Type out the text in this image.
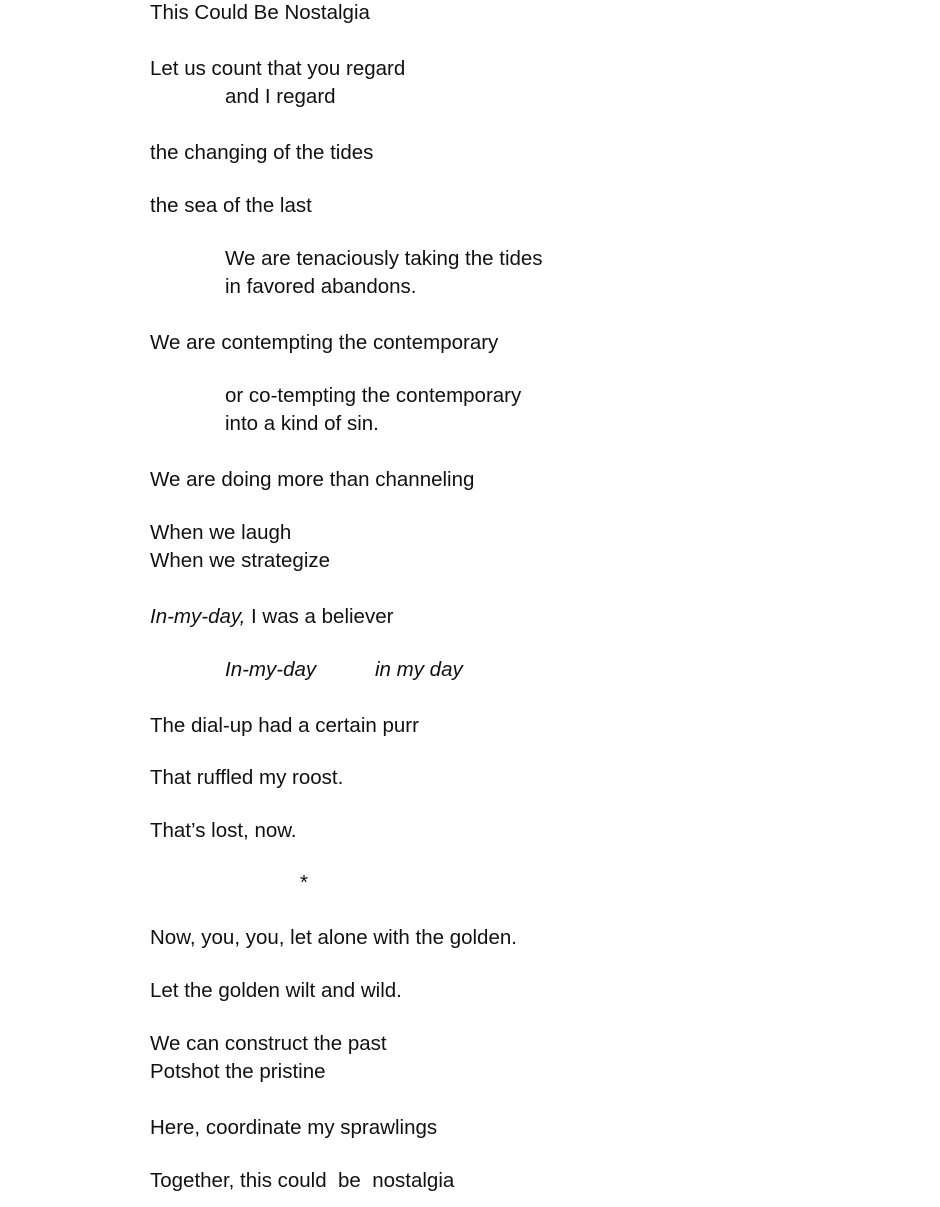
This Could Be Nostalgia
Let us count that you regard
and I regard
the changing of the tides
the sea of the last
We are tenaciously taking the tides
in favored abandons.
We are contempting the contemporary
or co-tempting the contemporary
into a kind of sin.
We are doing more than channeling
When we laugh
When we strategize
In-my-day, I was a believer
In-my-day	in my day
The dial-up had a certain purr
That ruffled my roost.
That’s lost, now.
*
Now, you, you, let alone with the golden.
Let the golden wilt and wild.
We can construct the past
Potshot the pristine
Here, coordinate my sprawlings
Together, this could  be  nostalgia
